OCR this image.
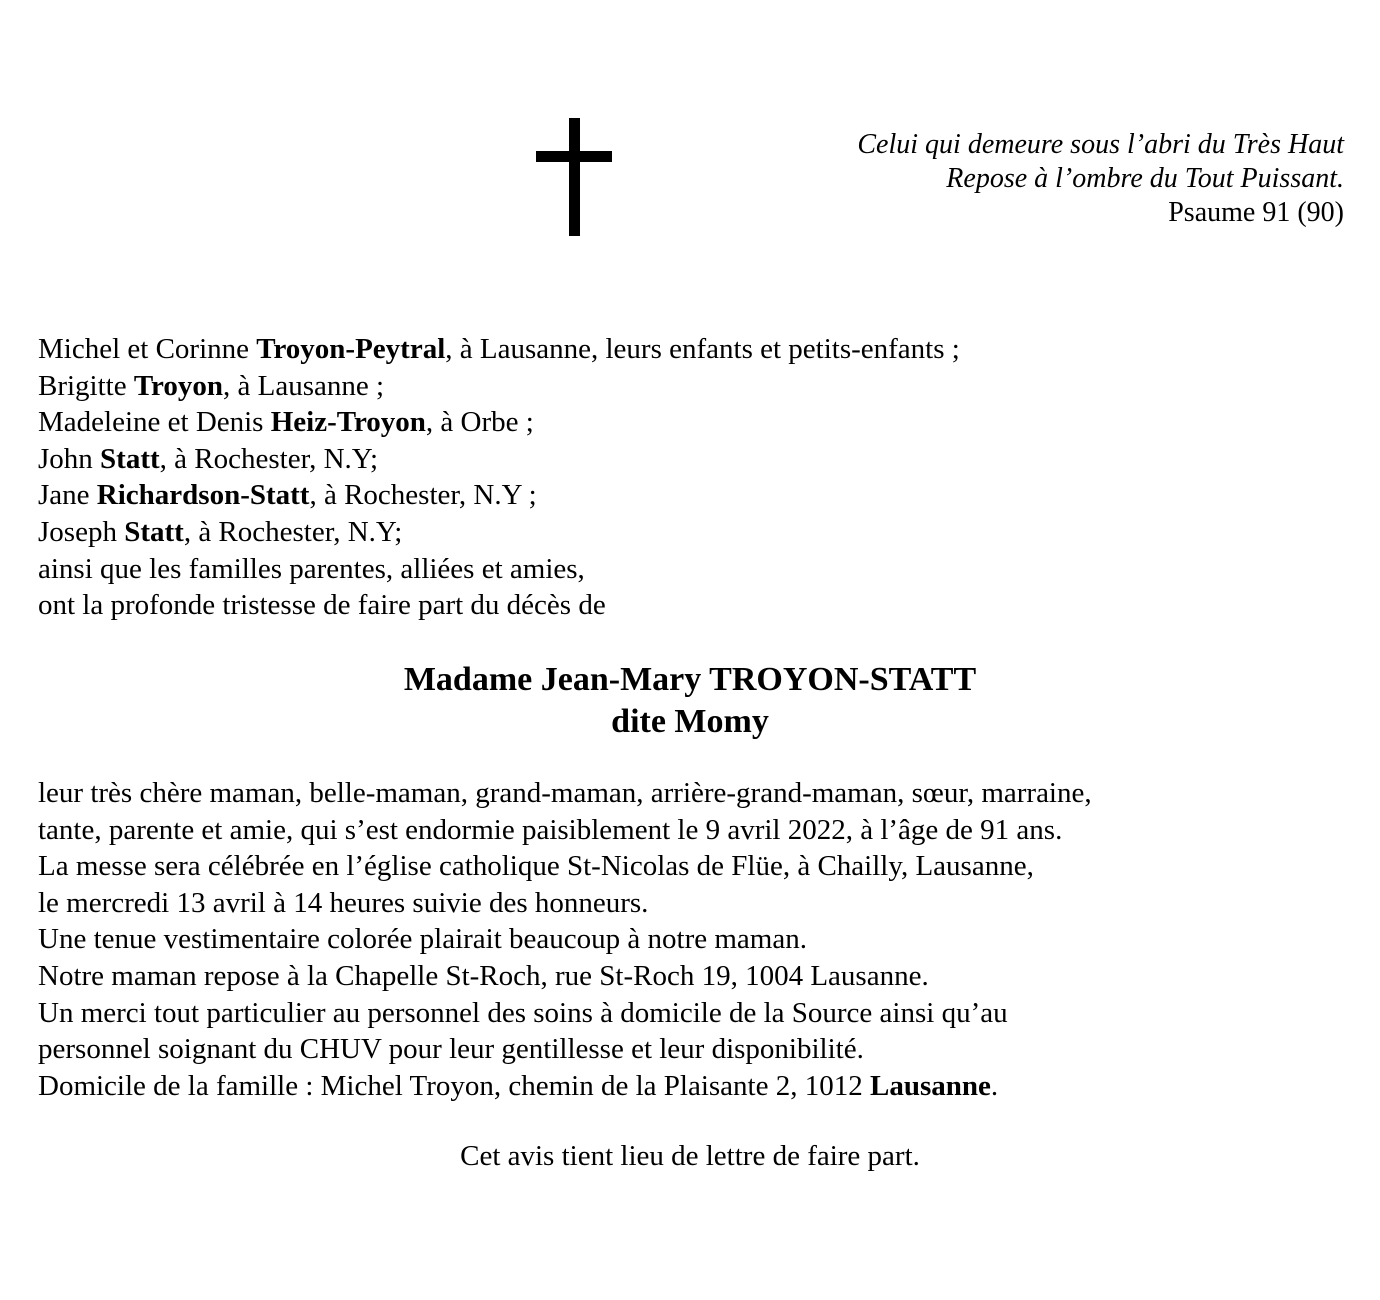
Celui qui demeure sous l’abri du Très Haut
Repose à l’ombre du Tout Puissant.
Psaume 91 (90)
Michel et Corinne Troyon-Peytral, à Lausanne, leurs enfants et petits-enfants ;
Brigitte Troyon, à Lausanne ;
Madeleine et Denis Heiz-Troyon, à Orbe ;
John Statt, à Rochester, N.Y;
Jane Richardson-Statt, à Rochester, N.Y ;
Joseph Statt, à Rochester, N.Y;
ainsi que les familles parentes, alliées et amies,
ont la profonde tristesse de faire part du décès de
Madame Jean-Mary TROYON-STATT
dite Momy
leur très chère maman, belle-maman, grand-maman, arrière-grand-maman, sœur, marraine,
tante, parente et amie, qui s’est endormie paisiblement le 9 avril 2022, à l’âge de 91 ans.
La messe sera célébrée en l’église catholique St-Nicolas de Flüe, à Chailly, Lausanne,
le mercredi 13 avril à 14 heures suivie des honneurs.
Une tenue vestimentaire colorée plairait beaucoup à notre maman.
Notre maman repose à la Chapelle St-Roch, rue St-Roch 19, 1004 Lausanne.
Un merci tout particulier au personnel des soins à domicile de la Source ainsi qu’au
personnel soignant du CHUV pour leur gentillesse et leur disponibilité.
Domicile de la famille : Michel Troyon, chemin de la Plaisante 2, 1012 Lausanne.
Cet avis tient lieu de lettre de faire part.
